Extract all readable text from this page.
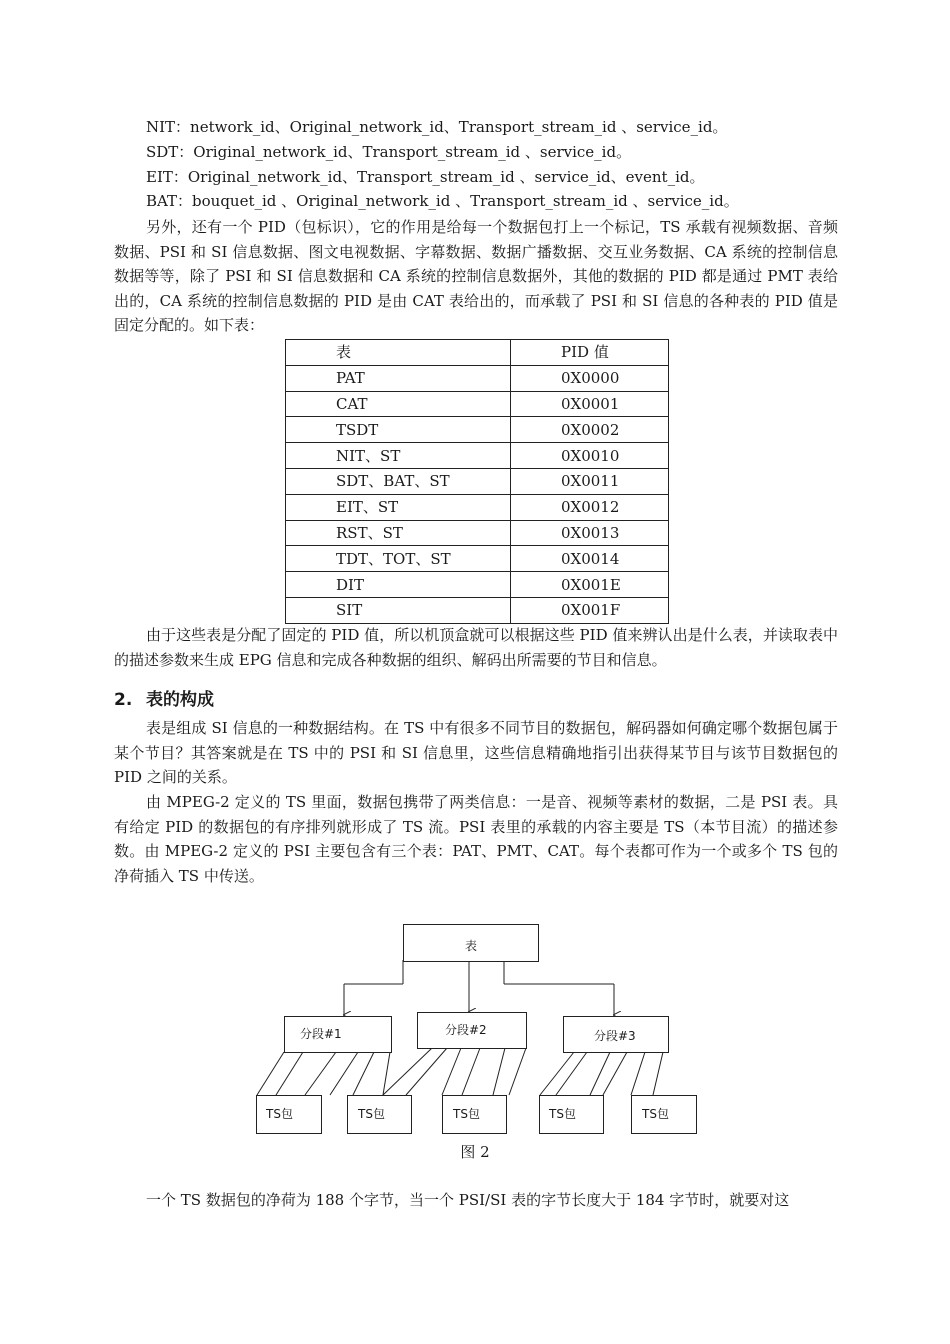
NIT：network_id、Original_network_id、Transport_stream_id 、service_id。
SDT：Original_network_id、Transport_stream_id 、service_id。
EIT：Original_network_id、Transport_stream_id 、service_id、event_id。
BAT：bouquet_id 、Original_network_id 、Transport_stream_id 、service_id。

另外，还有一个 PID（包标识），它的作用是给每一个数据包打上一个标记，TS 承载有视频数据、音频数据、PSI 和 SI 信息数据、图文电视数据、字幕数据、数据广播数据、交互业务数据、CA 系统的控制信息数据等等，除了 PSI 和 SI 信息数据和 CA 系统的控制信息数据外，其他的数据的 PID 都是通过 PMT 表给出的，CA 系统的控制信息数据的 PID 是由 CAT 表给出的，而承载了 PSI 和 SI 信息的各种表的 PID 值是固定分配的。如下表：

表	PID 值
PAT	0X0000
CAT	0X0001
TSDT	0X0002
NIT、ST	0X0010
SDT、BAT、ST	0X0011
EIT、ST	0X0012
RST、ST	0X0013
TDT、TOT、ST	0X0014
DIT	0X001E
SIT	0X001F

由于这些表是分配了固定的 PID 值，所以机顶盒就可以根据这些 PID 值来辨认出是什么表，并读取表中的描述参数来生成 EPG 信息和完成各种数据的组织、解码出所需要的节目和信息。

2. 表的构成

表是组成 SI 信息的一种数据结构。在 TS 中有很多不同节目的数据包，解码器如何确定哪个数据包属于某个节目？其答案就是在 TS 中的 PSI 和 SI 信息里，这些信息精确地指引出获得某节目与该节目数据包的 PID 之间的关系。

由 MPEG-2 定义的 TS 里面，数据包携带了两类信息：一是音、视频等素材的数据，二是 PSI 表。具有给定 PID 的数据包的有序排列就形成了 TS 流。PSI 表里的承载的内容主要是 TS（本节目流）的描述参数。由 MPEG-2 定义的 PSI 主要包含有三个表：PAT、PMT、CAT。每个表都可作为一个或多个 TS 包的净荷插入 TS 中传送。

表
分段#1	分段#2	分段#3
TS包	TS包	TS包	TS包	TS包
图 2

一个 TS 数据包的净荷为 188 个字节，当一个 PSI/SI 表的字节长度大于 184 字节时，就要对这
